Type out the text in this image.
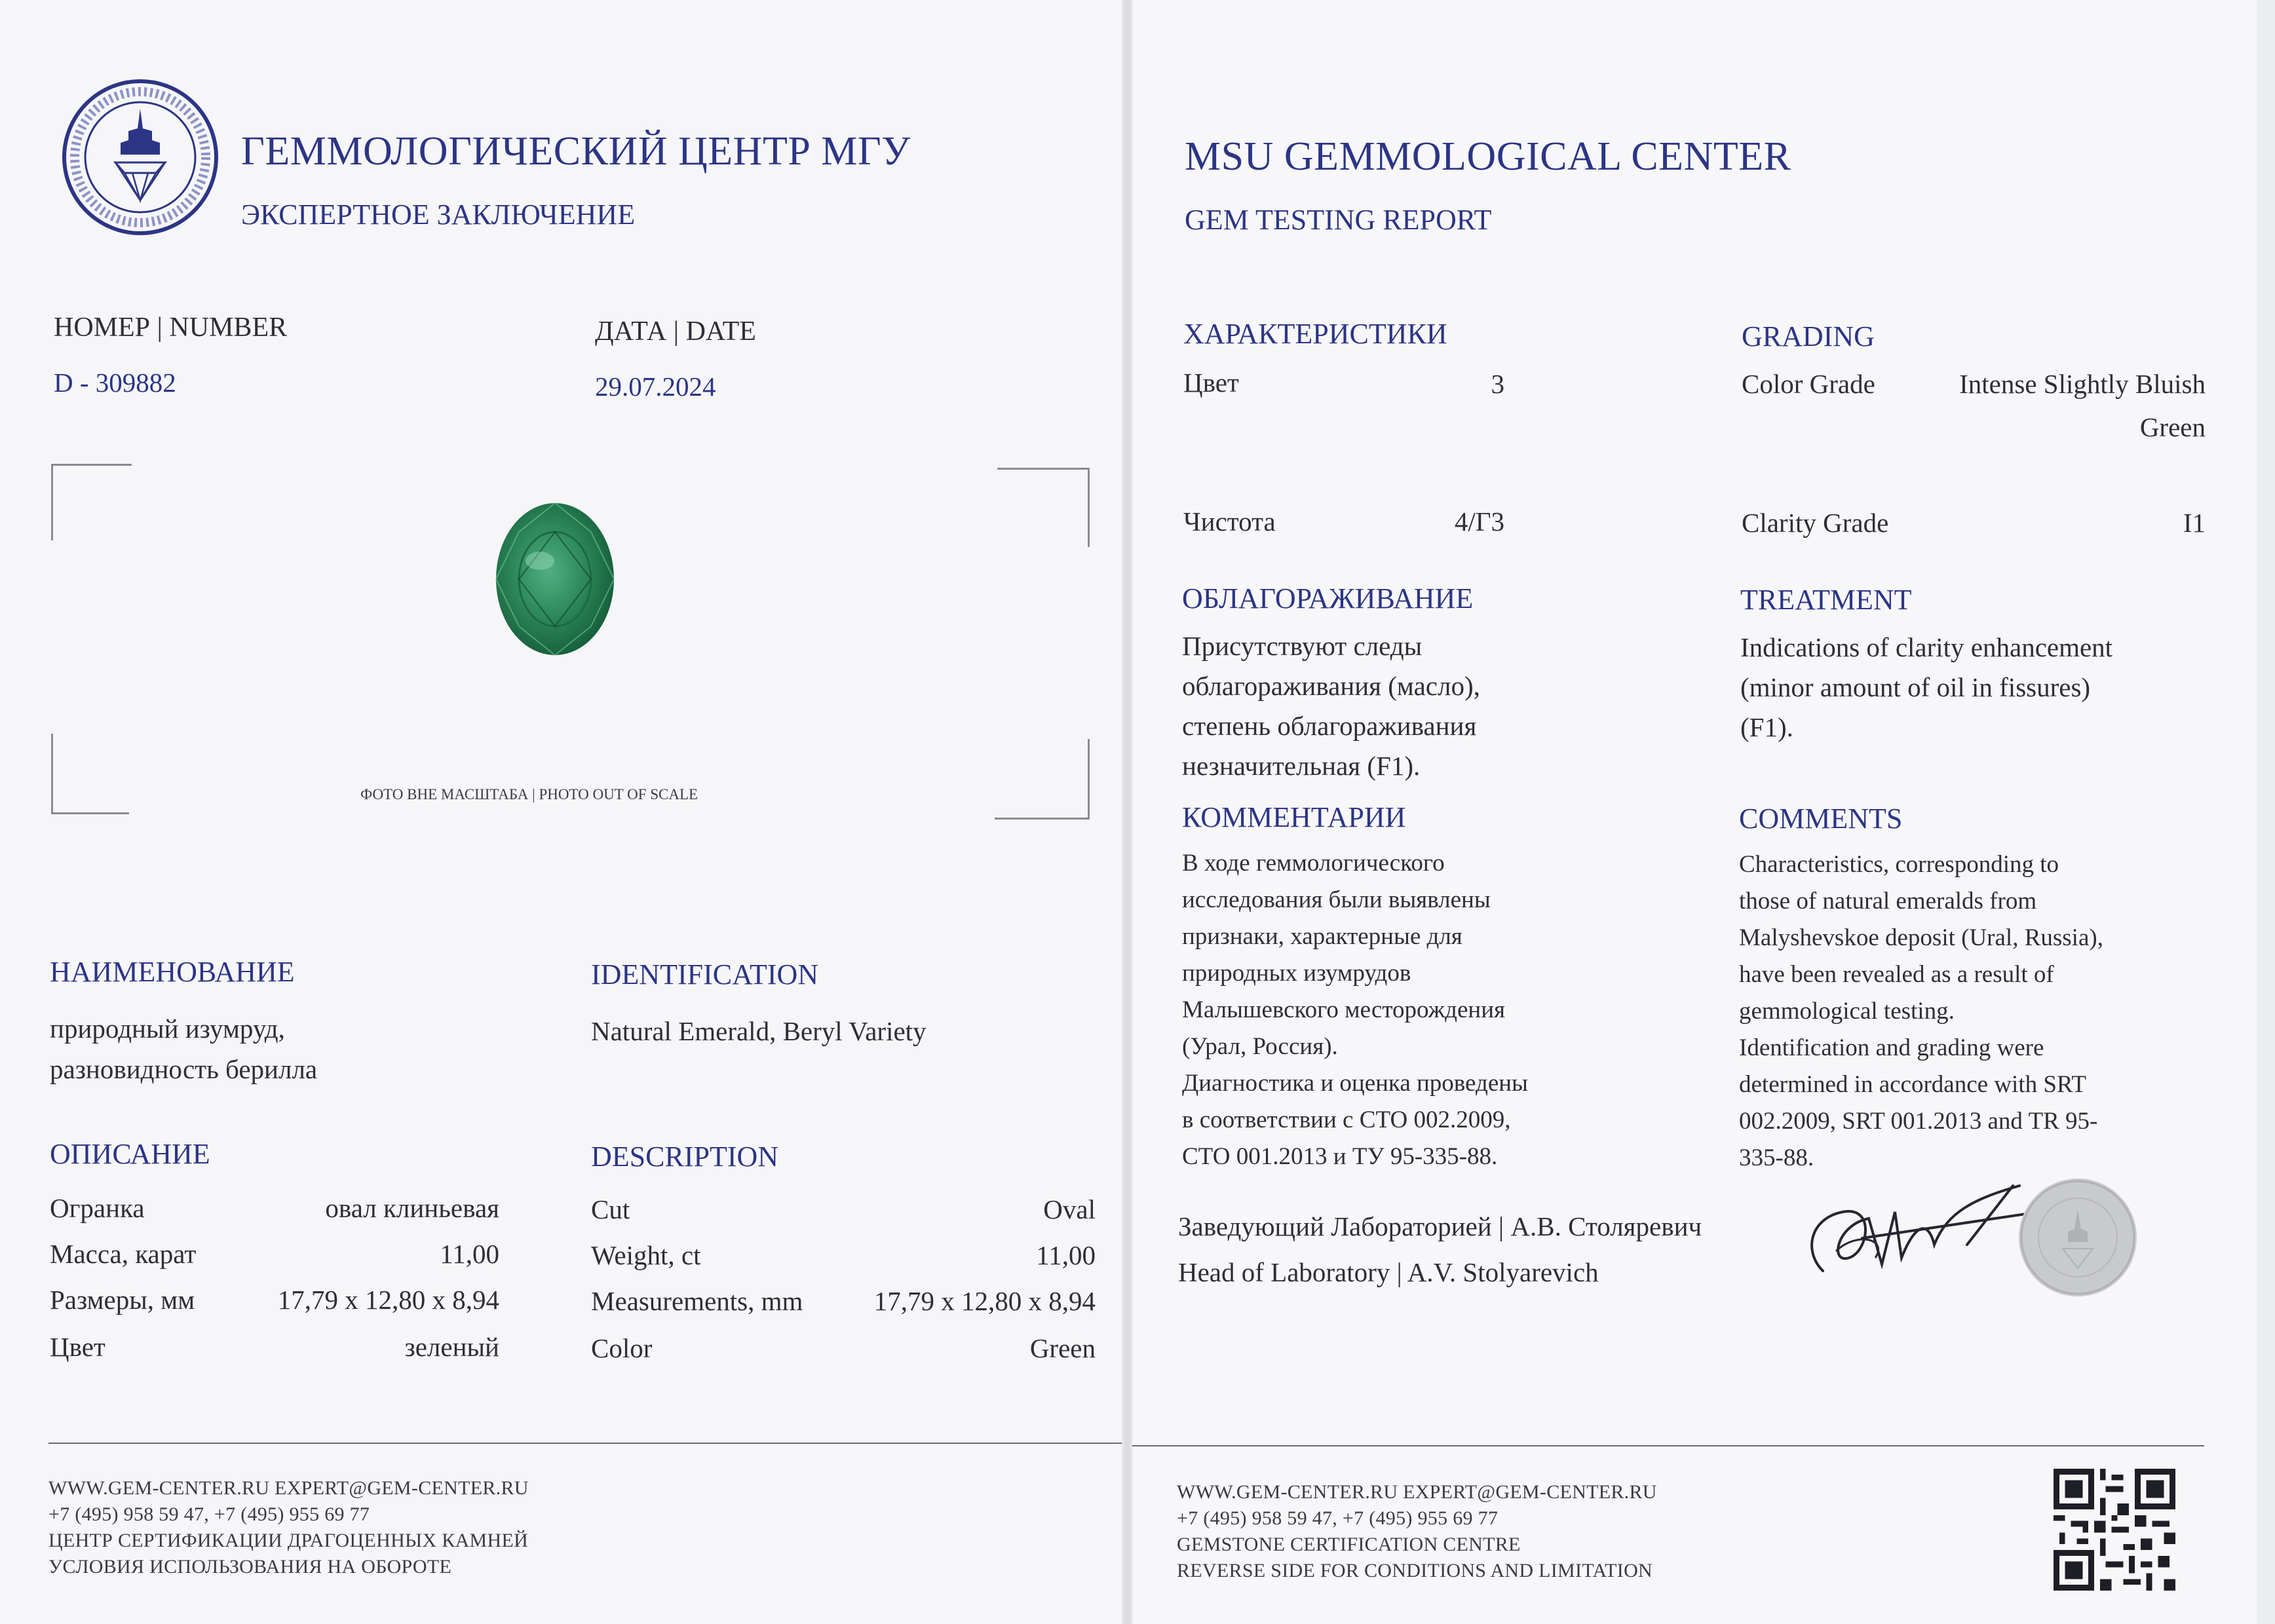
ГЕММОЛОГИЧЕСКИЙ ЦЕНТР МГУ
ЭКСПЕРТНОЕ ЗАКЛЮЧЕНИЕ
НОМЕР | NUMBER
D - 309882
ДАТА | DATE
29.07.2024
ФОТО ВНЕ МАСШТАБА | PHOTO OUT OF SCALE
НАИМЕНОВАНИЕ
природный изумруд,
разновидность берилла
IDENTIFICATION
Natural Emerald, Beryl Variety
ОПИСАНИЕ
Огранка	овал клиньевая
Масса, карат	11,00
Размеры, мм	17,79 x 12,80 x 8,94
Цвет	зеленый
DESCRIPTION
Cut	Oval
Weight, ct	11,00
Measurements, mm	17,79 x 12,80 x 8,94
Color	Green
WWW.GEM-CENTER.RU EXPERT@GEM-CENTER.RU
+7 (495) 958 59 47, +7 (495) 955 69 77
ЦЕНТР СЕРТИФИКАЦИИ ДРАГОЦЕННЫХ КАМНЕЙ
УСЛОВИЯ ИСПОЛЬЗОВАНИЯ НА ОБОРОТЕ
MSU GEMMOLOGICAL CENTER
GEM TESTING REPORT
ХАРАКТЕРИСТИКИ
Цвет	3
Чистота	4/Г3
GRADING
Color Grade	Intense Slightly Bluish
Green
Clarity Grade	I1
ОБЛАГОРАЖИВАНИЕ
Присутствуют следы
облагораживания (масло),
степень облагораживания
незначительная (F1).
TREATMENT
Indications of clarity enhancement
(minor amount of oil in fissures)
(F1).
КОММЕНТАРИИ
В ходе геммологического
исследования были выявлены
признаки, характерные для
природных изумрудов
Малышевского месторождения
(Урал, Россия).
Диагностика и оценка проведены
в соответствии с СТО 002.2009,
СТО 001.2013 и ТУ 95-335-88.
COMMENTS
Characteristics, corresponding to
those of natural emeralds from
Malyshevskoe deposit (Ural, Russia),
have been revealed as a result of
gemmological testing.
Identification and grading were
determined in accordance with SRT
002.2009, SRT 001.2013 and TR 95-
335-88.
Заведующий Лабораторией | А.В. Столяревич
Head of Laboratory | A.V. Stolyarevich
WWW.GEM-CENTER.RU EXPERT@GEM-CENTER.RU
+7 (495) 958 59 47, +7 (495) 955 69 77
GEMSTONE CERTIFICATION CENTRE
REVERSE SIDE FOR CONDITIONS AND LIMITATION
